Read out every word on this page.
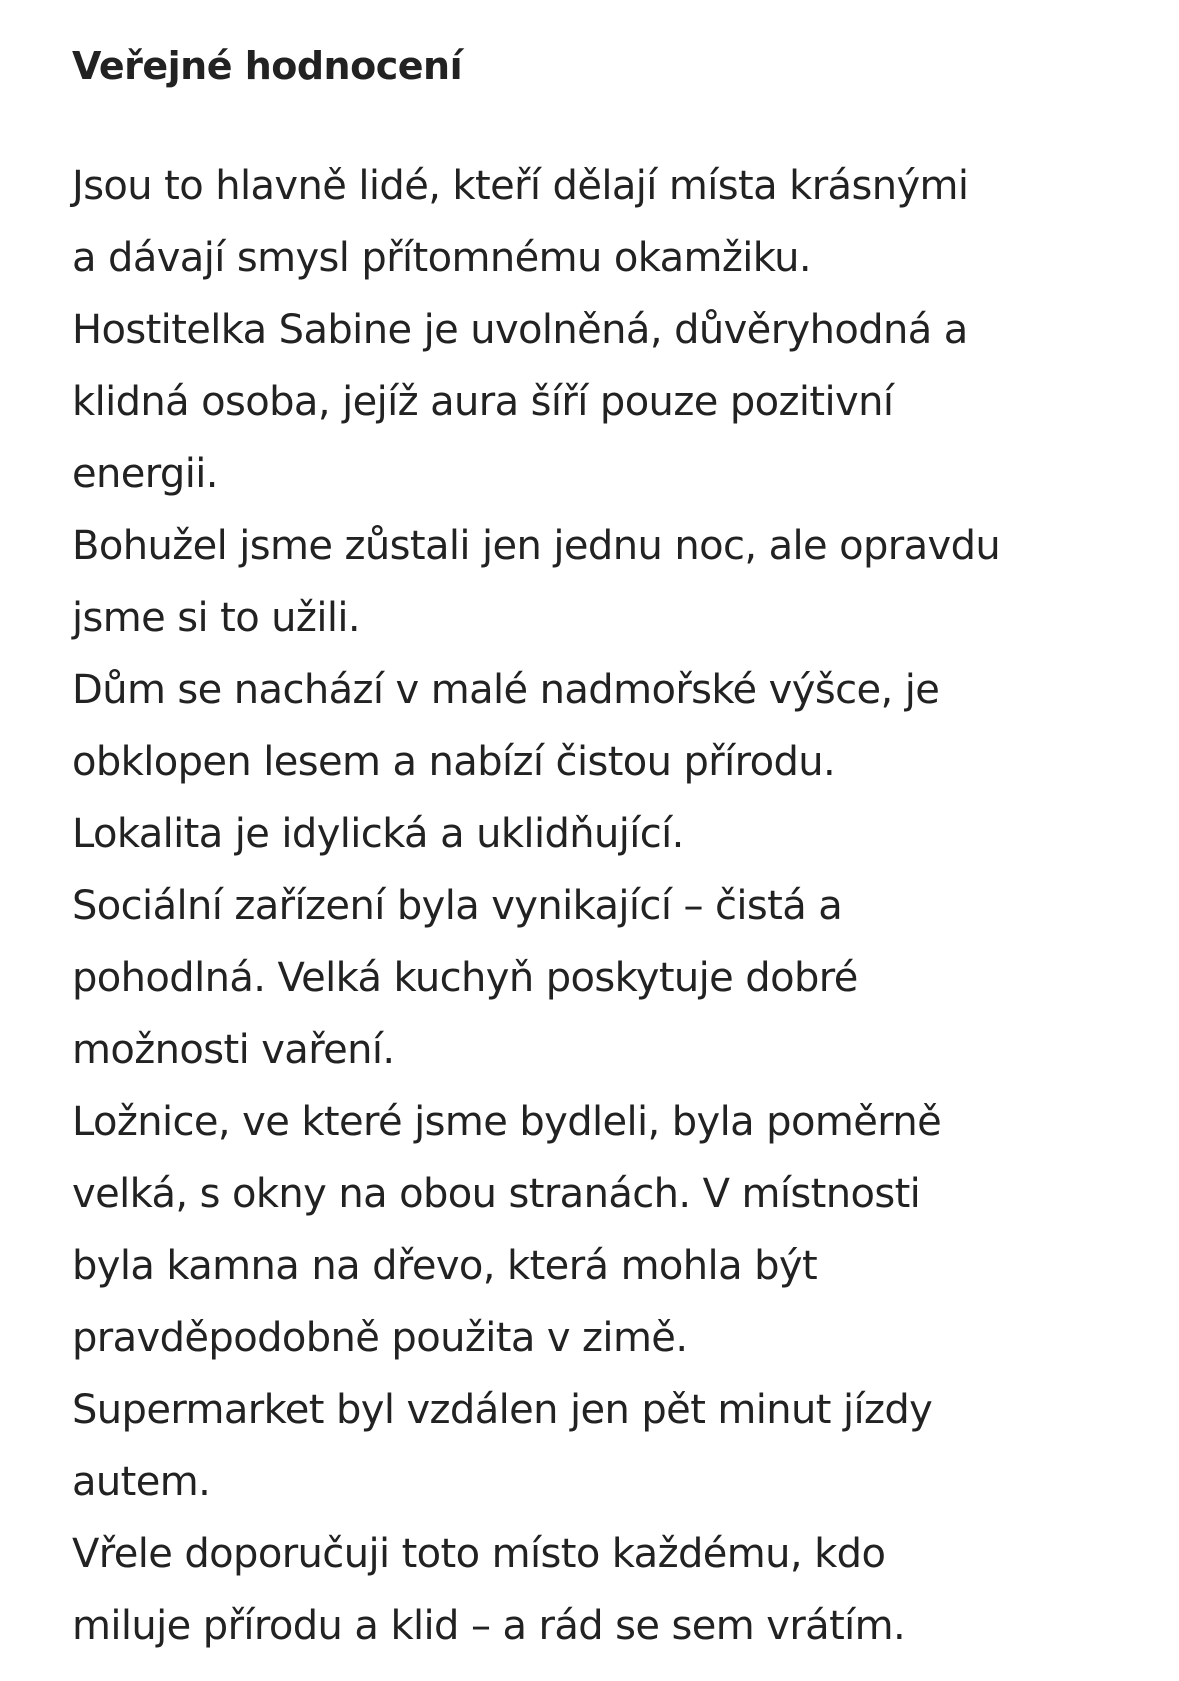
Veřejné hodnocení
Jsou to hlavně lidé, kteří dělají místa krásnými
a dávají smysl přítomnému okamžiku.
Hostitelka Sabine je uvolněná, důvěryhodná a
klidná osoba, jejíž aura šíří pouze pozitivní
energii.
Bohužel jsme zůstali jen jednu noc, ale opravdu
jsme si to užili.
Dům se nachází v malé nadmořské výšce, je
obklopen lesem a nabízí čistou přírodu.
Lokalita je idylická a uklidňující.
Sociální zařízení byla vynikající – čistá a
pohodlná. Velká kuchyň poskytuje dobré
možnosti vaření.
Ložnice, ve které jsme bydleli, byla poměrně
velká, s okny na obou stranách. V místnosti
byla kamna na dřevo, která mohla být
pravděpodobně použita v zimě.
Supermarket byl vzdálen jen pět minut jízdy
autem.
Vřele doporučuji toto místo každému, kdo
miluje přírodu a klid – a rád se sem vrátím.
